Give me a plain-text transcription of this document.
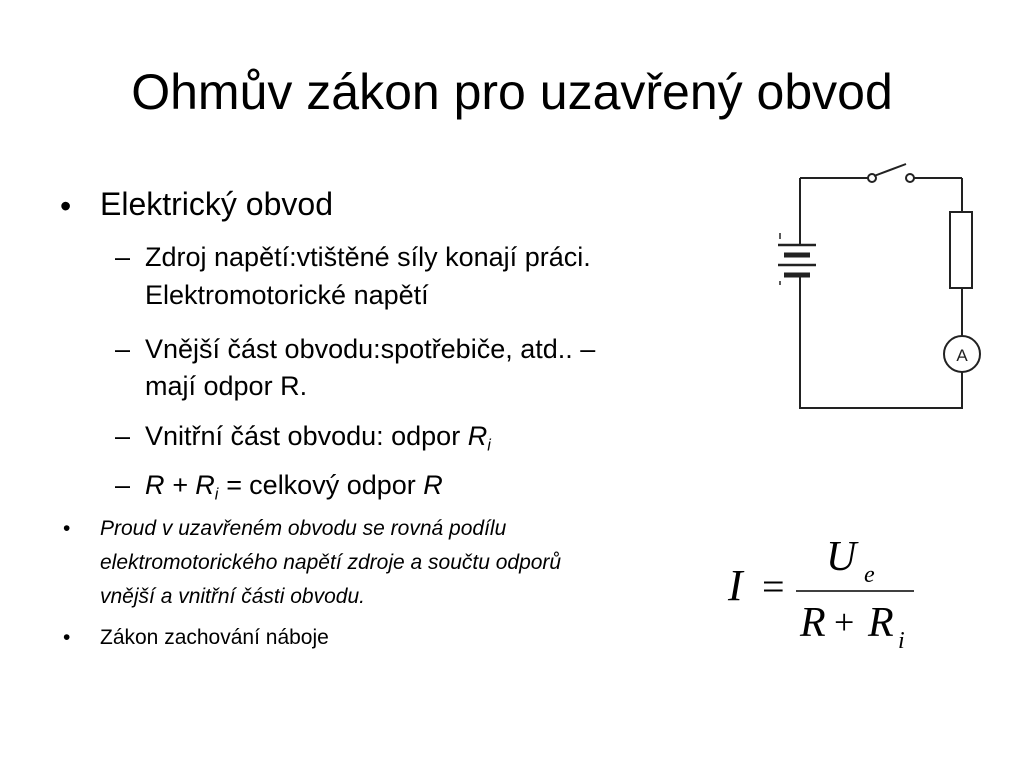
Ohmův zákon pro uzavřený obvod
• Elektrický obvod
– Zdroj napětí:vtištěné síly konají práci.
Elektromotorické napětí
– Vnější část obvodu:spotřebiče, atd.. –
mají odpor R.
– Vnitřní část obvodu: odpor $R_i$
– $R + R_i$ = celkový odpor R
• Proud v uzavřeném obvodu se rovná podílu
elektromotorického napětí zdroje a součtu odporů
vnější a vnitřní části obvodu.
• Zákon zachování náboje
A
I =
U e
R + R i
